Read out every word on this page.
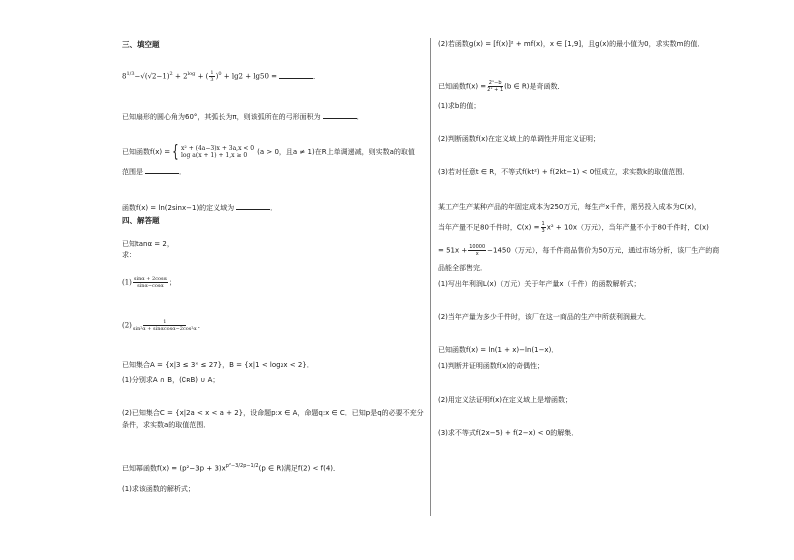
三、填空题
$8^{1/3}-√(√2-1)^2 + 2^{log}$ + ( $\frac{1}{3} )^0 + \lg 2 + \lg 50$ =	．
已知扇形的圆心角为60°，其弧长为π，则该弧所在的弓形面积为	．
已知函数f(x) = { x² + (4a−3)x + 3a,x < 0
log a(x + 1) + 1,x ≥ 0	(a > 0，且a ≠ 1)在R上单调递减，则实数a的取值
范围是	．
函数f(x) = ln(2sinx−1)的定义域为	．
四、解答题
已知tanα = 2，
求：
$(1) \frac{\sin\alpha + 2\cos\alpha}{\sin\alpha-\cos\alpha}$ ；
$(2) \frac{1}{\text{sin²α + sinαcosα−2cos²α}}$ ．
已知集合A = {x|3 ≤ 3ˣ ≤ 27}，B = {x|1 < log₂x < 2}．
(1)分别求A ∩ B，(∁ʀB) ∪ A；
(2)已知集合C = {x|2a < x < a + 2}，设命题p:x ∈ A，命题q:x ∈ C．已知p是q的必要不充分
条件，求实数a的取值范围．
已知幂函数$f(x) = (p^2-3p + 3)x^{p^2-3/2p-1/2}(p$ ∈ R)满足f(2) < f(4)．
(1)求该函数的解析式；
(2)若函数g(x) = [f(x)]² + mf(x)，x ∈ [1,9]，且g(x)的最小值为0，求实数m的值．
已知函数$f(x) = \frac{\text{2ˣ−b}}{\text{2ˣ + 1}} (b$ ∈ R)是奇函数．
(1)求b的值；
(2)判断函数f(x)在定义域上的单调性并用定义证明；
(3)若对任意t ∈ R，不等式f(kt²) + f(2kt−1) < 0恒成立，求实数k的取值范围．
某工产生产某种产品的年固定成本为250万元，每生产x千件，需另投入成本为C(x)，
当年产量不足80千件时，$C(x) = \frac{1}{3} x^2 + 10x$（万元），当年产量不小于80千件时，C(x)
= $51x + \frac{10000}{x} -1450$（万元），每千件商品售价为50万元，通过市场分析，该厂生产的商
品能全部售完．
(1)写出年利润L(x)（万元）关于年产量x（千件）的函数解析式；
(2)当年产量为多少千件时，该厂在这一商品的生产中所获利润最大．
已知函数f(x) = ln(1 + x)−ln(1−x)．
(1)判断并证明函数f(x)的奇偶性；
(2)用定义法证明f(x)在定义域上是增函数；
(3)求不等式f(2x−5) + f(2−x) < 0的解集．
